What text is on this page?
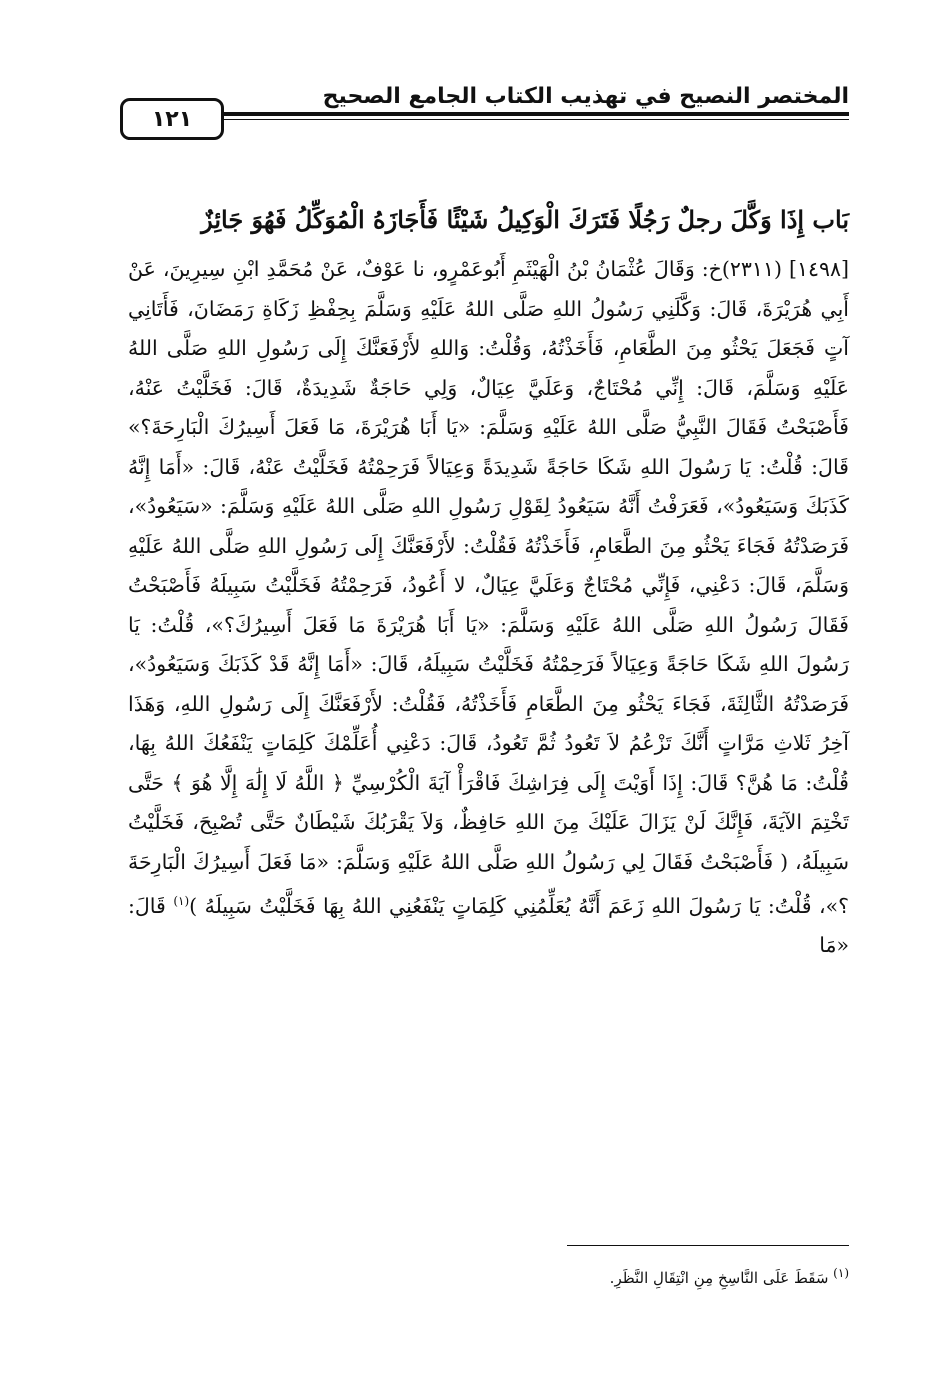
المختصر النصيح في تهذيب الكتاب الجامع الصحيح
١٢١
بَاب إِذَا وَكَّلَ رجلٌ رَجُلًا فَتَرَكَ الْوَكِيلُ شَيْئًا فَأَجَازَهُ الْمُوَكِّلُ فَهُوَ جَائِزٌ

[١٤٩٨] (٢٣١١)خ: وَقَالَ عُثْمَانُ بْنُ الْهَيْثَمِ أَبُوعَمْرٍو، نا عَوْفٌ، عَنْ مُحَمَّدِ ابْنِ سِيرِينَ، عَنْ أَبِي هُرَيْرَةَ، قَالَ: وَكَّلَنِي رَسُولُ اللهِ صَلَّى اللهُ عَلَيْهِ وَسَلَّمَ بِحِفْظِ زَكَاةِ رَمَضَانَ، فَأَتَانِي آتٍ فَجَعَلَ يَحْثُو مِنَ الطَّعَامِ، فَأَخَذْتُهُ، وَقُلْتُ: وَاللهِ لأَرْفَعَنَّكَ إِلَى رَسُولِ اللهِ صَلَّى اللهُ عَلَيْهِ وَسَلَّمَ، قَالَ: إِنِّي مُحْتَاجٌ، وَعَلَيَّ عِيَالٌ، وَلِي حَاجَةٌ شَدِيدَةٌ، قَالَ: فَخَلَّيْتُ عَنْهُ، فَأَصْبَحْتُ فَقَالَ النَّبِيُّ صَلَّى اللهُ عَلَيْهِ وَسَلَّمَ: «يَا أَبَا هُرَيْرَةَ، مَا فَعَلَ أَسِيرُكَ الْبَارِحَةَ؟» قَالَ: قُلْتُ: يَا رَسُولَ اللهِ شَكَا حَاجَةً شَدِيدَةً وَعِيَالاً فَرَحِمْتُهُ فَخَلَّيْتُ عَنْهُ، قَالَ: «أَمَا إِنَّهُ كَذَبَكَ وَسَيَعُودُ»، فَعَرَفْتُ أَنَّهُ سَيَعُودُ لِقَوْلِ رَسُولِ اللهِ صَلَّى اللهُ عَلَيْهِ وَسَلَّمَ: «سَيَعُودُ»، فَرَصَدْتُهُ فَجَاءَ يَحْثُو مِنَ الطَّعَامِ، فَأَخَذْتُهُ فَقُلْتُ: لأَرْفَعَنَّكَ إِلَى رَسُولِ اللهِ صَلَّى اللهُ عَلَيْهِ وَسَلَّمَ، قَالَ: دَعْنِي، فَإِنِّي مُحْتَاجٌ وَعَلَيَّ عِيَالٌ، لا أَعُودُ، فَرَحِمْتُهُ فَخَلَّيْتُ سَبِيلَهُ فَأَصْبَحْتُ فَقَالَ رَسُولُ اللهِ صَلَّى اللهُ عَلَيْهِ وَسَلَّمَ: «يَا أَبَا هُرَيْرَةَ مَا فَعَلَ أَسِيرُكَ؟»، قُلْتُ: يَا رَسُولَ اللهِ شَكَا حَاجَةً وَعِيَالاً فَرَحِمْتُهُ فَخَلَّيْتُ سَبِيلَهُ، قَالَ: «أَمَا إِنَّهُ قَدْ كَذَبَكَ وَسَيَعُودُ»، فَرَصَدْتُهُ الثَّالِثَةَ، فَجَاءَ يَحْثُو مِنَ الطَّعَامِ فَأَخَذْتُهُ، فَقُلْتُ: لأَرْفَعَنَّكَ إِلَى رَسُولِ اللهِ، وَهَذَا آخِرُ ثَلاثِ مَرَّاتٍ أَنَّكَ تَزْعُمُ لاَ تَعُودُ ثُمَّ تَعُودُ، قَالَ: دَعْنِي أُعَلِّمْكَ كَلِمَاتٍ يَنْفَعُكَ اللهُ بِهَا، قُلْتُ: مَا هُنَّ؟ قَالَ: إِذَا أَوَيْتَ إِلَى فِرَاشِكَ فَاقْرَأْ آيَةَ الْكُرْسِيِّ ﴿ اللَّهُ لَا إِلَٰهَ إِلَّا هُوَ ﴾ حَتَّى تَخْتِمَ الآيَةَ، فَإِنَّكَ لَنْ يَزَالَ عَلَيْكَ مِنَ اللهِ حَافِظٌ، وَلاَ يَقْرَبُكَ شَيْطَانٌ حَتَّى تُصْبِحَ، فَخَلَّيْتُ سَبِيلَهُ، ( فَأَصْبَحْتُ فَقَالَ لِي رَسُولُ اللهِ صَلَّى اللهُ عَلَيْهِ وَسَلَّمَ: «مَا فَعَلَ أَسِيرُكَ الْبَارِحَةَ ؟»، قُلْتُ: يَا رَسُولَ اللهِ زَعَمَ أَنَّهُ يُعَلِّمُنِي كَلِمَاتٍ يَنْفَعُنِي اللهُ بِهَا فَخَلَّيْتُ سَبِيلَهُ )$^{(١)}$ قَالَ: «مَا

$^{(١)}$ سَقَطَ عَلَى النَّاسِخِ مِنِ انْتِقَالِ النَّظَرِ.
